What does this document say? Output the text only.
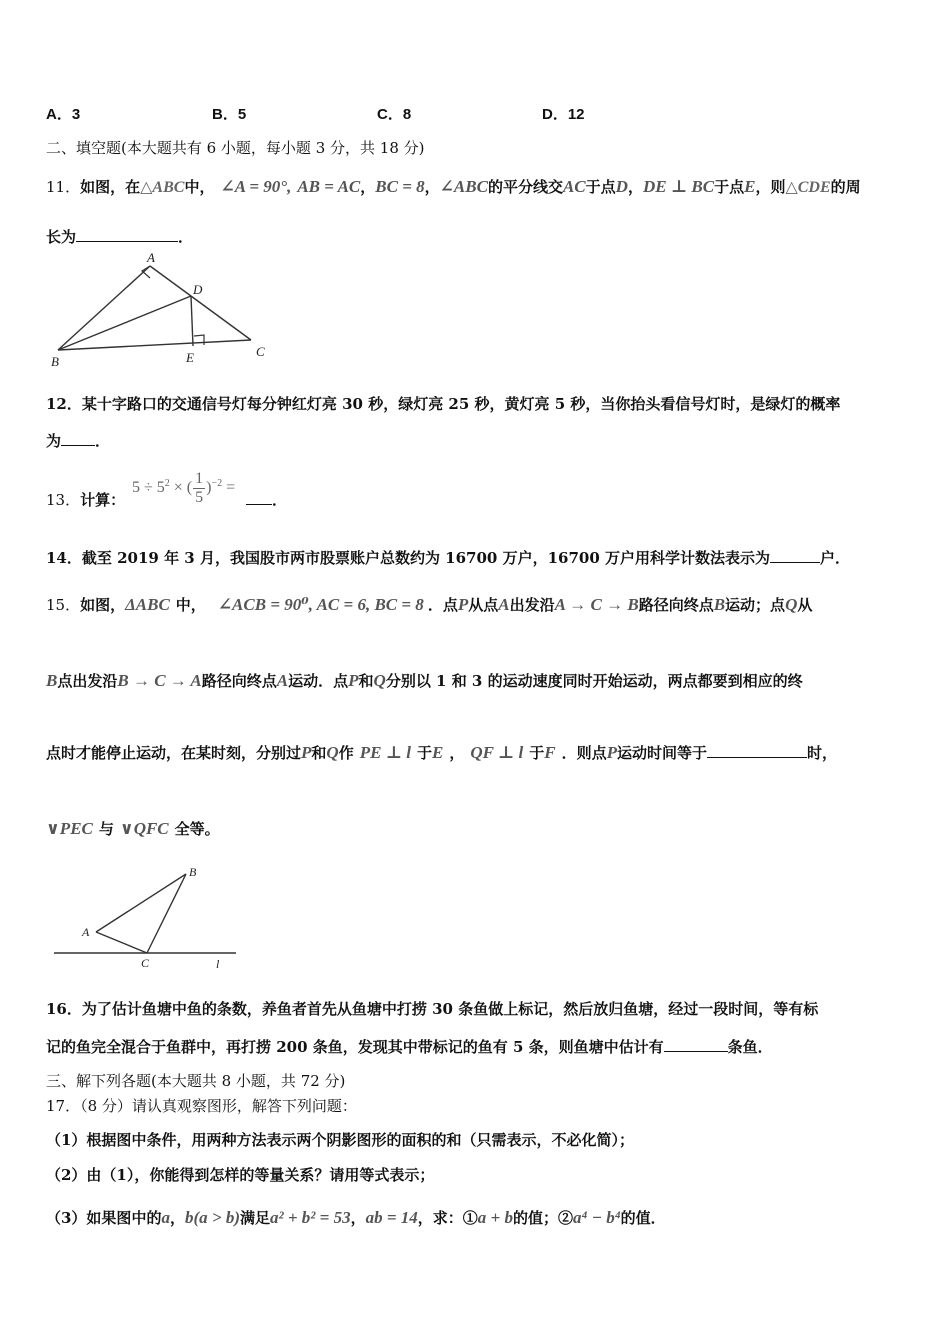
A．3	B．5	C．8	D．12
二、填空题(本大题共有 6 小题，每小题 3 分，共 18 分)
11．如图，在△ABC中， ∠A = 90°, AB = AC，BC = 8，∠ABC的平分线交AC于点D，DE ⊥ BC于点E，则△CDE的周
长为	．
A
B
C
D
E
12．某十字路口的交通信号灯每分钟红灯亮 30 秒，绿灯亮 25 秒，黄灯亮 5 秒，当你抬头看信号灯时，是绿灯的概率
为 ．
13．计算：
$5 \div 5^2$ × ( $\frac{1}{5} )^{-2}$ =
．
14．截至 2019 年 3 月，我国股市两市股票账户总数约为 16700 万户，16700 万户用科学计数法表示为	户．
15．如图，ΔABC 中， ∠ACB = 90⁰, AC = 6, BC = 8 ．点P从点A出发沿A → C → B路径向终点B运动；点Q从
B点出发沿B → C → A路径向终点A运动．点P和Q分别以 1 和 3 的运动速度同时开始运动，两点都要到相应的终
点时才能停止运动，在某时刻，分别过P和Q作 PE ⊥ l 于E ， QF ⊥ l 于F ．则点P运动时间等于	时，
∨PEC 与 ∨QFC 全等。
A
B
C	l
16．为了估计鱼塘中鱼的条数，养鱼者首先从鱼塘中打捞 30 条鱼做上标记，然后放归鱼塘，经过一段时间，等有标
记的鱼完全混合于鱼群中，再打捞 200 条鱼，发现其中带标记的鱼有 5 条，则鱼塘中估计有	条鱼．
三、解下列各题(本大题共 8 小题，共 72 分)
17．（8 分）请认真观察图形，解答下列问题：
（1）根据图中条件，用两种方法表示两个阴影图形的面积的和（只需表示，不必化简）；
（2）由（1），你能得到怎样的等量关系？请用等式表示；
（3）如果图中的a，b(a > b)满足a² + b² = 53，ab = 14，求：①a + b的值；②a⁴ − b⁴的值．
